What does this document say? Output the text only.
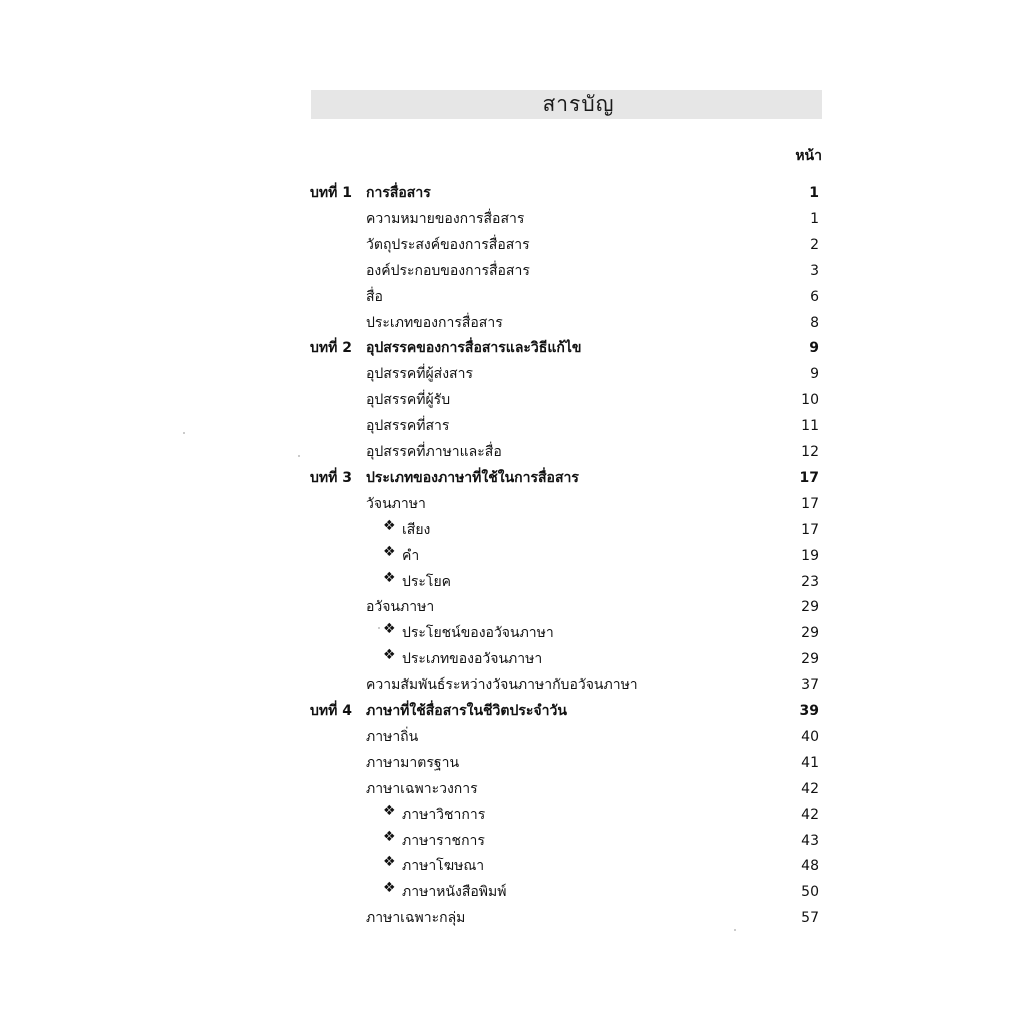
สารบัญ
หน้า
บทที่ 1 การสื่อสาร	1
ความหมายของการสื่อสาร	1
วัตถุประสงค์ของการสื่อสาร	2
องค์ประกอบของการสื่อสาร	3
สื่อ	6
ประเภทของการสื่อสาร	8
บทที่ 2 อุปสรรคของการสื่อสารและวิธีแก้ไข	9
อุปสรรคที่ผู้ส่งสาร	9
อุปสรรคที่ผู้รับ	10
อุปสรรคที่สาร	11
อุปสรรคที่ภาษาและสื่อ	12
บทที่ 3 ประเภทของภาษาที่ใช้ในการสื่อสาร	17
วัจนภาษา	17
❖ เสียง	17
❖ คำ	19
❖ ประโยค	23
อวัจนภาษา	29
❖ ประโยชน์ของอวัจนภาษา	29
❖ ประเภทของอวัจนภาษา	29
ความสัมพันธ์ระหว่างวัจนภาษากับอวัจนภาษา	37
บทที่ 4 ภาษาที่ใช้สื่อสารในชีวิตประจำวัน	39
ภาษาถิ่น	40
ภาษามาตรฐาน	41
ภาษาเฉพาะวงการ	42
❖ ภาษาวิชาการ	42
❖ ภาษาราชการ	43
❖ ภาษาโฆษณา	48
❖ ภาษาหนังสือพิมพ์	50
ภาษาเฉพาะกลุ่ม	57
